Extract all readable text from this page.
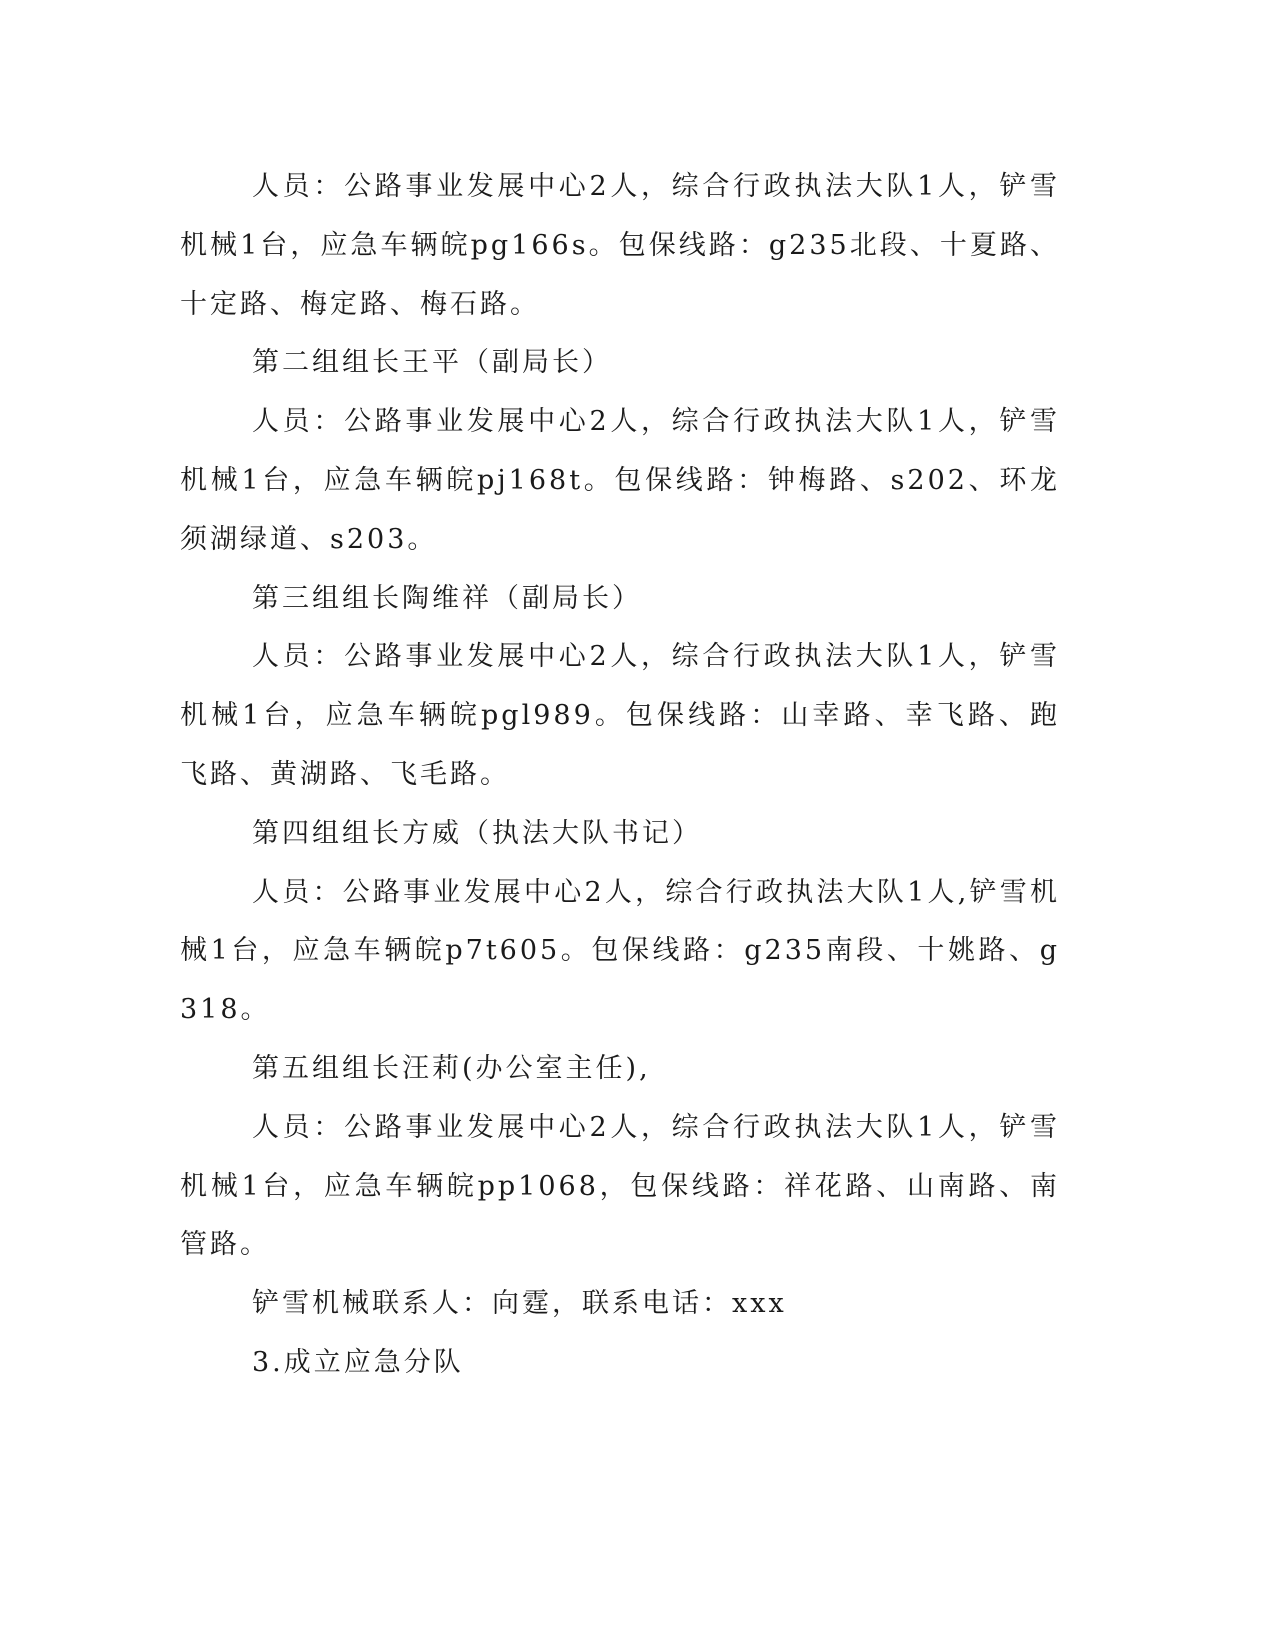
人员：公路事业发展中心2人，综合行政执法大队1人，铲雪机械1台，应急车辆皖pg166s。包保线路：g235北段、十夏路、十定路、梅定路、梅石路。

第二组组长王平（副局长）

人员：公路事业发展中心2人，综合行政执法大队1人，铲雪机械1台，应急车辆皖pj168t。包保线路：钟梅路、s202、环龙须湖绿道、s203。

第三组组长陶维祥（副局长）

人员：公路事业发展中心2人，综合行政执法大队1人，铲雪机械1台，应急车辆皖pgl989。包保线路：山幸路、幸飞路、跑飞路、黄湖路、飞毛路。

第四组组长方威（执法大队书记）

人员：公路事业发展中心2人，综合行政执法大队1人,铲雪机械1台，应急车辆皖p7t605。包保线路：g235南段、十姚路、g318。

第五组组长汪莉(办公室主任),

人员：公路事业发展中心2人，综合行政执法大队1人，铲雪机械1台，应急车辆皖pp1068，包保线路：祥花路、山南路、南管路。

铲雪机械联系人：向霆，联系电话：xxx

3.成立应急分队
